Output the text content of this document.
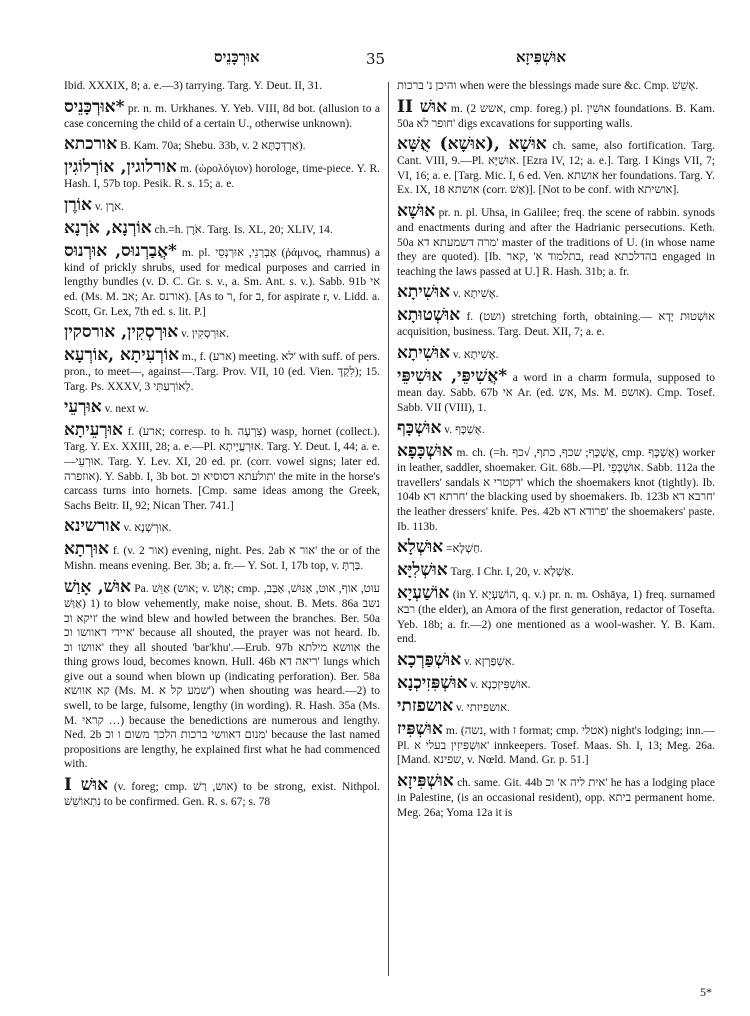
אוּרְכָּנֵיס	35	אוּשְׁפִּיזָא

Ibid. XXXIX, 8; a. e.—3) tarrying. Targ. Y. Deut. II, 31.

*אוּרְכָּנֵיס pr. n. m. Urkhanes. Y. Yeb. VIII, 8d bot. (allusion to a case concerning the child of a certain U., otherwise unknown).

אורכתא B. Kam. 70a; Shebu. 33b, v. אַרְדְּכְתָּא 2).

אורלוגין, אוֹרְלוֹגִין m. (ὡρολόγιον) horologe, time-piece. Y. R. Hash. I, 57b top. Pesik. R. s. 15; a. e.

אוֹרֶן v. אֹרֶן.

אוֹרְנָא, אֹרְנָא ch.=h. אֹרֶן. Targ. Is. XL, 20; XLIV, 14.

*אֲבַרְנוּס, אוּרְנוּס m. pl. אַבְרְנֵי, אוּרְנְסֵי (ῥάμνος, rhamnus) a kind of prickly shrubs, used for medical purposes and carried in lengthy bundles (v. D. C. Gr. s. v., a. Sm. Ant. s. v.). Sabb. 91b אי ed. (Ms. M. אב; Ar. אורנס). [As to ר, for ב, for aspirate r, v. Lidd. a. Scott, Gr. Lex, 7th ed. s. lit. P.]

אוּרְסְקִין, אורסקין v. אוּרְסְקִין.

אוֹרְעִיתָא ,אוֹרְעָא m., f. (ארע) meeting. לא' with suff. of pers. pron., to meet—, against—.Targ. Prov. VII, 10 (ed. Vien. לִקְדָּ); 15. Targ. Ps. XXXV, 3 לְאוֹרְעַתִּי.

אוּרְעֵי v. next w.

אוּרְעֵיתָא f. (ארע; corresp. to h. צִרְעָה) wasp, hornet (collect.). Targ. Y. Ex. XXIII, 28; a. e.—Pl. אוּרְעֲיָיתָא. Targ. Y. Deut. I, 44; a. e.—אוּרְעֵי. Targ. Y. Lev. XI, 20 ed. pr. (corr. vowel signs; later ed. אוזפרה). Y. Sabb. I, 3b bot. תולעתא דסוסיא וכ' the mite in the horse's carcass turns into hornets. [Cmp. same ideas among the Greek, Sachs Beitr. II, 92; Nican Ther. 741.]

אורשינא v. אוּרְשְׁנָא.

אוּרְתָא f. (v. אור 2) evening, night. Pes. 2ab אור א' the or of the Mishn. means evening. Ber. 3b; a. fr.— Y. Sot. I, 17b top, v. בַּרְתָּ.

אוּשׁ, אָוַשׁ Pa. אַוֵּשׁ (אוש; v. אָוַשׁ; cmp. עוּט, אוף, אוּט, אַנּוּשׁ, אַבַּב, אַוַּשׁ) 1) to blow vehemently, make noise, shout. B. Mets. 86a נשב זיקא וכ' the wind blew and howled between the branches. Ber. 50a איידי דאוושו וכ' because all shouted, the prayer was not heard. Ib. אוושו וכ' they all shouted 'bar'khu'.—Erub. 97b אוושא מילתא the thing grows loud, becomes known. Hull. 46b ריאה דא' lungs which give out a sound when blown up (indicating perforation). Ber. 58a קא אוושא (Ms. M. שמע קל א') when shouting was heard.—2) to swell, to be large, fulsome, lengthy (in wording). R. Hash. 35a (Ms. M. קראי …) because the benedictions are numerous and lengthy. Ned. 2b מנום דאוושי ברכות הלכך משום ו וכ' because the last named propositions are lengthy, he explained first what he had commenced with.

אוּשׁ I (v. foreg; cmp. אוש, רַשׁ) to be strong, exist. Nithpol. נִתְאוֹשֵׁשׁ to be confirmed. Gen. R. s. 67; s. 78

והיכן נ' ברכות when were the blessings made sure &c. Cmp. אָשֵׁשׁ.

אוּשׁ II m. (אשש 2, cmp. foreg.) pl. אוּשִׁין foundations. B. Kam. 50a חופר לא' digs excavations for supporting walls.

אוּשָׁא ,(אוּשָׁא) אֻשָּׁא ch. same, also fortification. Targ. Cant. VIII, 9.—Pl. אוּשַׁיָּא. [Ezra IV, 12; a. e.]. Targ. I Kings VII, 7; VI, 16; a. e. [Targ. Mic. I, 6 ed. Ven. אושתא her foundations. Targ. Y. Ex. IX, 18 אושתא (corr. אַשׁ)]. [Not to be conf. with אושיתא].

אוּשָׁא pr. n. pl. Uhsa, in Galilee; freq. the scene of rabbin. synods and enactments during and after the Hadrianic persecutions. Keth. 50a מרה דשמעתא דא' master of the traditions of U. (in whose name they are quoted). [Ib. בתלמוד א' ,קאר, read בהדלכתא engaged in teaching the laws passed at U.] R. Hash. 31b; a. fr.

אוּשִׁיתָא v. אָשִׁיתָא.

אוּשְׁטוּתָא f. (ושט) stretching forth, obtaining.— אוּשְׁטוּת יָדָא acquisition, business. Targ. Deut. XII, 7; a. e.

אוּשִׁיתָא v. אָשִׁיתָא.

*אֲשִׁיפֵּי, אוּשִׁיפֵּי a word in a charm formula, supposed to mean day. Sabb. 67b אי Ar. (ed. אש, Ms. M. אושפ). Cmp. Tosef. Sabb. VII (VIII), 1.

אוּשְׁכָּף v. אֻשְׁכָּף.

אוּשְׁכָּפָא m. ch. (=h. אֻשְׁכָּף; שכף, כתף, √כף, cmp. אֻשְׁכָּף) worker in leather, saddler, shoemaker. Git. 68b.—Pl. אוּשְׁכָּפֵי. Sabb. 112a the travellers' sandals דקטרי א' which the shoemakers knot (tightly). Ib. 104b חרתא דא' the blacking used by shoemakers. Ib. 123b חרבא דא' the leather dressers' knife. Pes. 42b פרודא דא' the shoemakers' paste. Ib. 113b.

אוּשְׁלָא =חַשְׁלָא.

אוּשְׁלִיָּא Targ. I Chr. I, 20, v. אַשְׁלָא.

אוֹשַׁעְיָא (in Y. הוֹשַׁעְיָא, q. v.) pr. n. m. Oshāya, 1) freq. surnamed רבא (the elder), an Amora of the first generation, redactor of Tosefta. Yeb. 18b; a. fr.—2) one mentioned as a wool-washer. Y. B. Kam. end.

אוּשְׁפַּרְכָא v. אִשְׁפַּרְזָא.

אוּשְׁפִּזִיכְנָא v. אוּשְׁפִּיזְכְנָא.

אושפזתי v. אושפיזתי.

אוּשְׁפִּיז m. (נשה, with ז format; cmp. אטלי) night's lodging; inn.—Pl. אוּשְׁפִּיזִין בעלי א' innkeepers. Tosef. Maas. Sh. I, 13; Meg. 26a. [Mand. שפינא, v. Nœld. Mand. Gr. p. 51.]

אוּשְׁפִּיזָא ch. same. Git. 44b אית ליה א' וכ' he has a lodging place in Palestine, (is an occasional resident), opp. ביתא permanent home. Meg. 26a; Yoma 12a it is

5*
